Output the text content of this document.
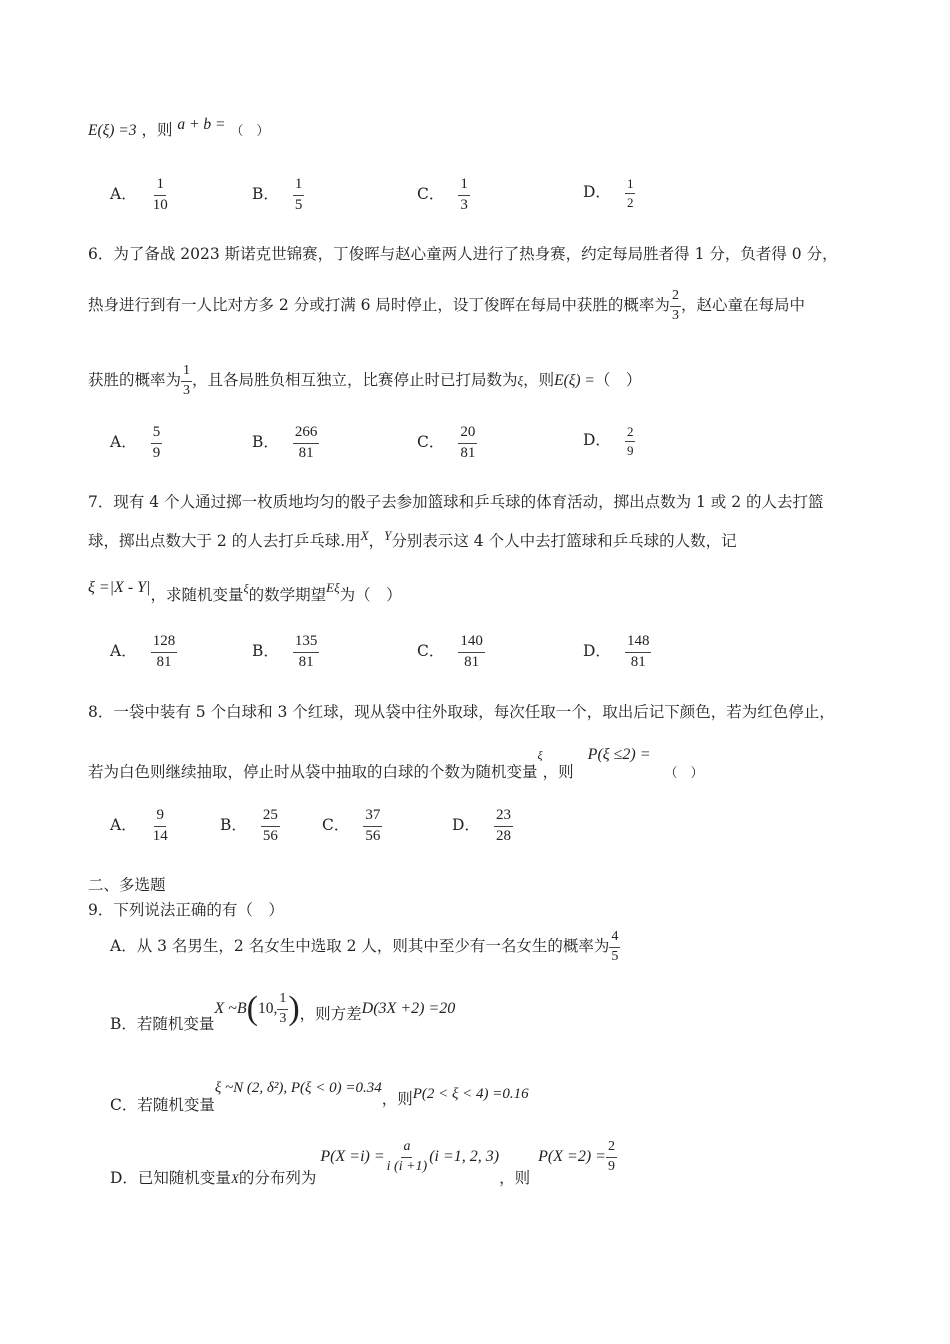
E(ξ) =3 ，则 a + b = （　）
A． $\frac{1}{10}$	B． $\frac{1}{5}$	C． $\frac{1}{3}$	D． $\frac{1}{2}$
6．为了备战 2023 斯诺克世锦赛，丁俊晖与赵心童两人进行了热身赛，约定每局胜者得 1 分，负者得 0 分，
热身进行到有一人比对方多 2 分或打满 6 局时停止，设丁俊晖在每局中获胜的概率为 $\frac{2}{3}$ ，赵心童在每局中
获胜的概率为 $\frac{1}{3}$ ，且各局胜负相互独立，比赛停止时已打局数为ξ，则E(ξ) =（　）
A． $\frac{5}{9}$	B． $\frac{266}{81}$	C． $\frac{20}{81}$	D． $\frac{2}{9}$
7．现有 4 个人通过掷一枚质地均匀的骰子去参加篮球和乒乓球的体育活动，掷出点数为 1 或 2 的人去打篮
球，掷出点数大于 2 的人去打乒乓球.用$^X$，$^Y$分别表示这 4 个人中去打篮球和乒乓球的人数，记
ξ =|X - Y|，求随机变量ξ的数学期望Eξ为（　）
A． $\frac{128}{81}$	B． $\frac{135}{81}$	C． $\frac{140}{81}$	D． $\frac{148}{81}$
8．一袋中装有 5 个白球和 3 个红球，现从袋中往外取球，每次任取一个，取出后记下颜色，若为红色停止，
若为白色则继续抽取，停止时从袋中抽取的白球的个数为随机变量ξ，则$P(\xi \le 2) =_{( )}$
A． $\frac{9}{14}$	B． $\frac{25}{56}$	C． $\frac{37}{56}$	D． $\frac{23}{28}$
二、多选题
9．下列说法正确的有（　）
A．从 3 名男生，2 名女生中选取 2 人，则其中至少有一名女生的概率为 $\frac{4}{5}$
B．若随机变量X ~B(10, $\frac{1}{3}$ )，则方差D(3X +2) =20
C．若随机变量ξ ~N (2, δ²), P(ξ < 0) =0.34，则P(2 < ξ < 4) =0.16
D．已知随机变量$_X$的分布列为$P(X =i) = \frac{a}{i (i +1)} (i =1$, 2, 3)，则$P(X =2) = \frac{2}{9}$
